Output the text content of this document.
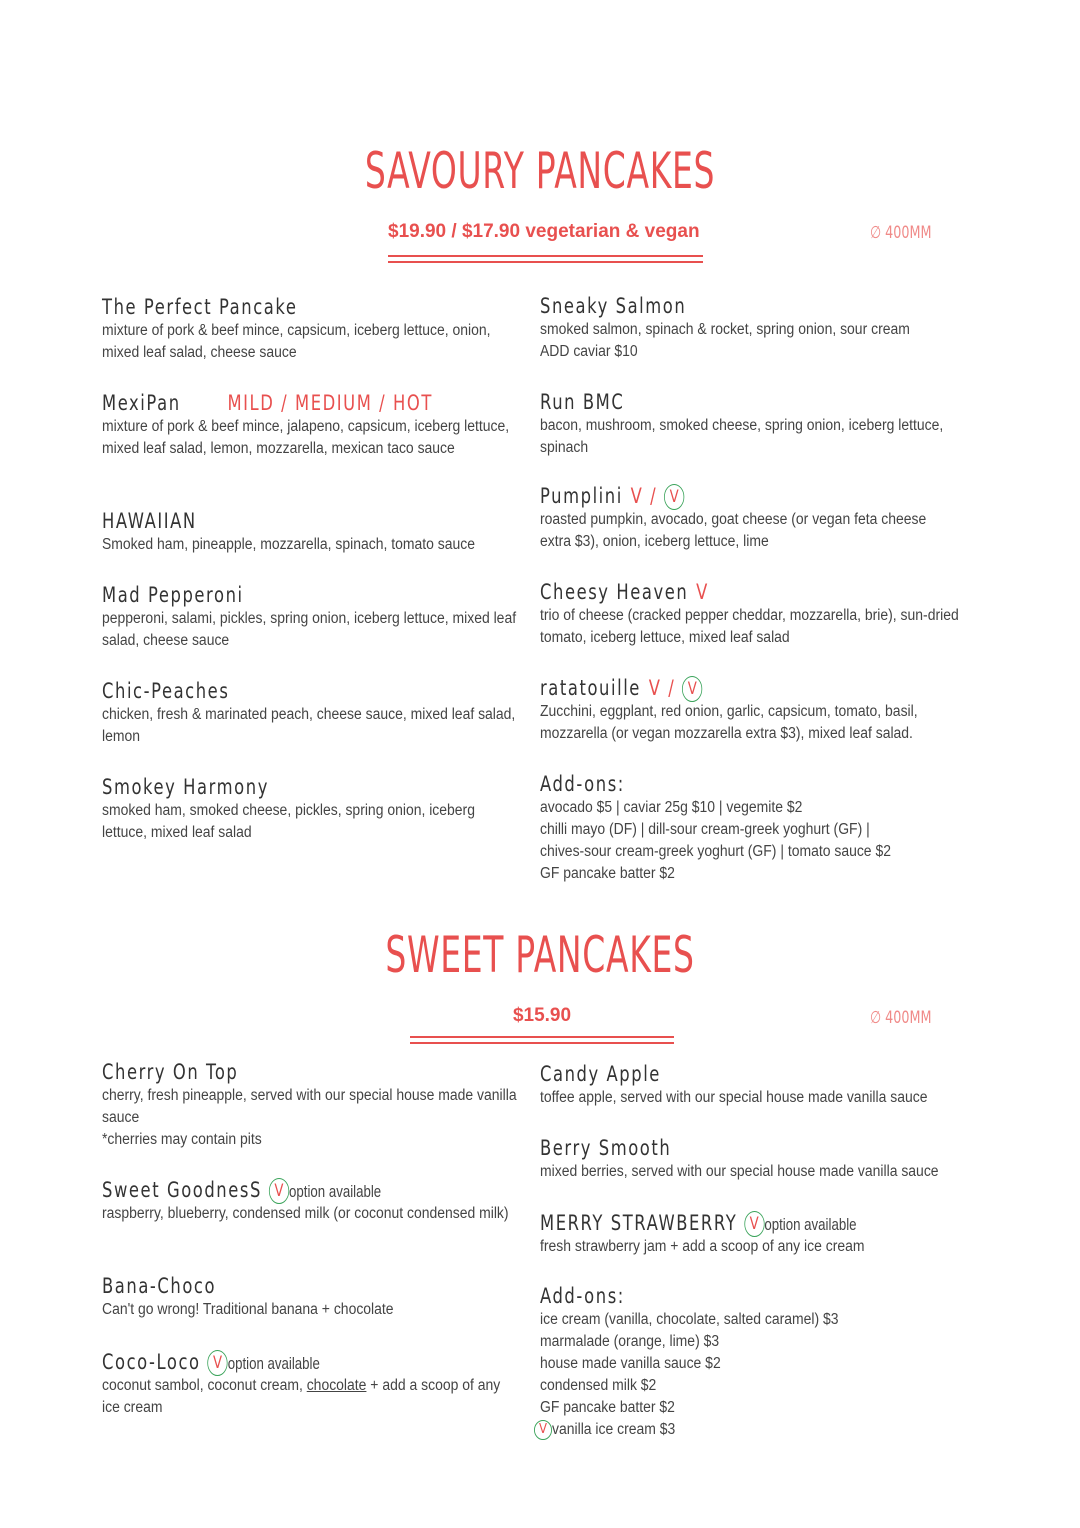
SAVOURY PANCAKES
$19.90 / $17.90 vegetarian & vegan	∅ 400MM
The Perfect Pancake
mixture of pork & beef mince, capsicum, iceberg lettuce, onion, mixed leaf salad, cheese sauce
MexiPan MILD / MEDIUM / HOT
mixture of pork & beef mince, jalapeno, capsicum, iceberg lettuce, mixed leaf salad, lemon, mozzarella, mexican taco sauce
HAWAIIAN
Smoked ham, pineapple, mozzarella, spinach, tomato sauce
Mad Pepperoni
pepperoni, salami, pickles, spring onion, iceberg lettuce, mixed leaf salad, cheese sauce
Chic-Peaches
chicken, fresh & marinated peach, cheese sauce, mixed leaf salad, lemon
Smokey Harmony
smoked ham, smoked cheese, pickles, spring onion, iceberg lettuce, mixed leaf salad
Sneaky Salmon
smoked salmon, spinach & rocket, spring onion, sour cream
ADD caviar $10
Run BMC
bacon, mushroom, smoked cheese, spring onion, iceberg lettuce, spinach
Pumplini V / V
roasted pumpkin, avocado, goat cheese (or vegan feta cheese extra $3), onion, iceberg lettuce, lime
Cheesy Heaven V
trio of cheese (cracked pepper cheddar, mozzarella, brie), sun-dried tomato, iceberg lettuce, mixed leaf salad
ratatouille V / V
Zucchini, eggplant, red onion, garlic, capsicum, tomato, basil, mozzarella (or vegan mozzarella extra $3), mixed leaf salad.
Add-ons:
avocado $5 | caviar 25g $10 | vegemite $2
chilli mayo (DF) | dill-sour cream-greek yoghurt (GF) |
chives-sour cream-greek yoghurt (GF) | tomato sauce $2
GF pancake batter $2
SWEET PANCAKES
$15.90	∅ 400MM
Cherry On Top
cherry, fresh pineapple, served with our special house made vanilla sauce
*cherries may contain pits
Sweet GoodnesS V option available
raspberry, blueberry, condensed milk (or coconut condensed milk)
Bana-Choco
Can't go wrong! Traditional banana + chocolate
Coco-Loco V option available
coconut sambol, coconut cream, chocolate + add a scoop of any ice cream
Candy Apple
toffee apple, served with our special house made vanilla sauce
Berry Smooth
mixed berries, served with our special house made vanilla sauce
MERRY STRAWBERRY V option available
fresh strawberry jam + add a scoop of any ice cream
Add-ons:
ice cream (vanilla, chocolate, salted caramel) $3
marmalade (orange, lime) $3
house made vanilla sauce $2
condensed milk $2
GF pancake batter $2
V vanilla ice cream $3
